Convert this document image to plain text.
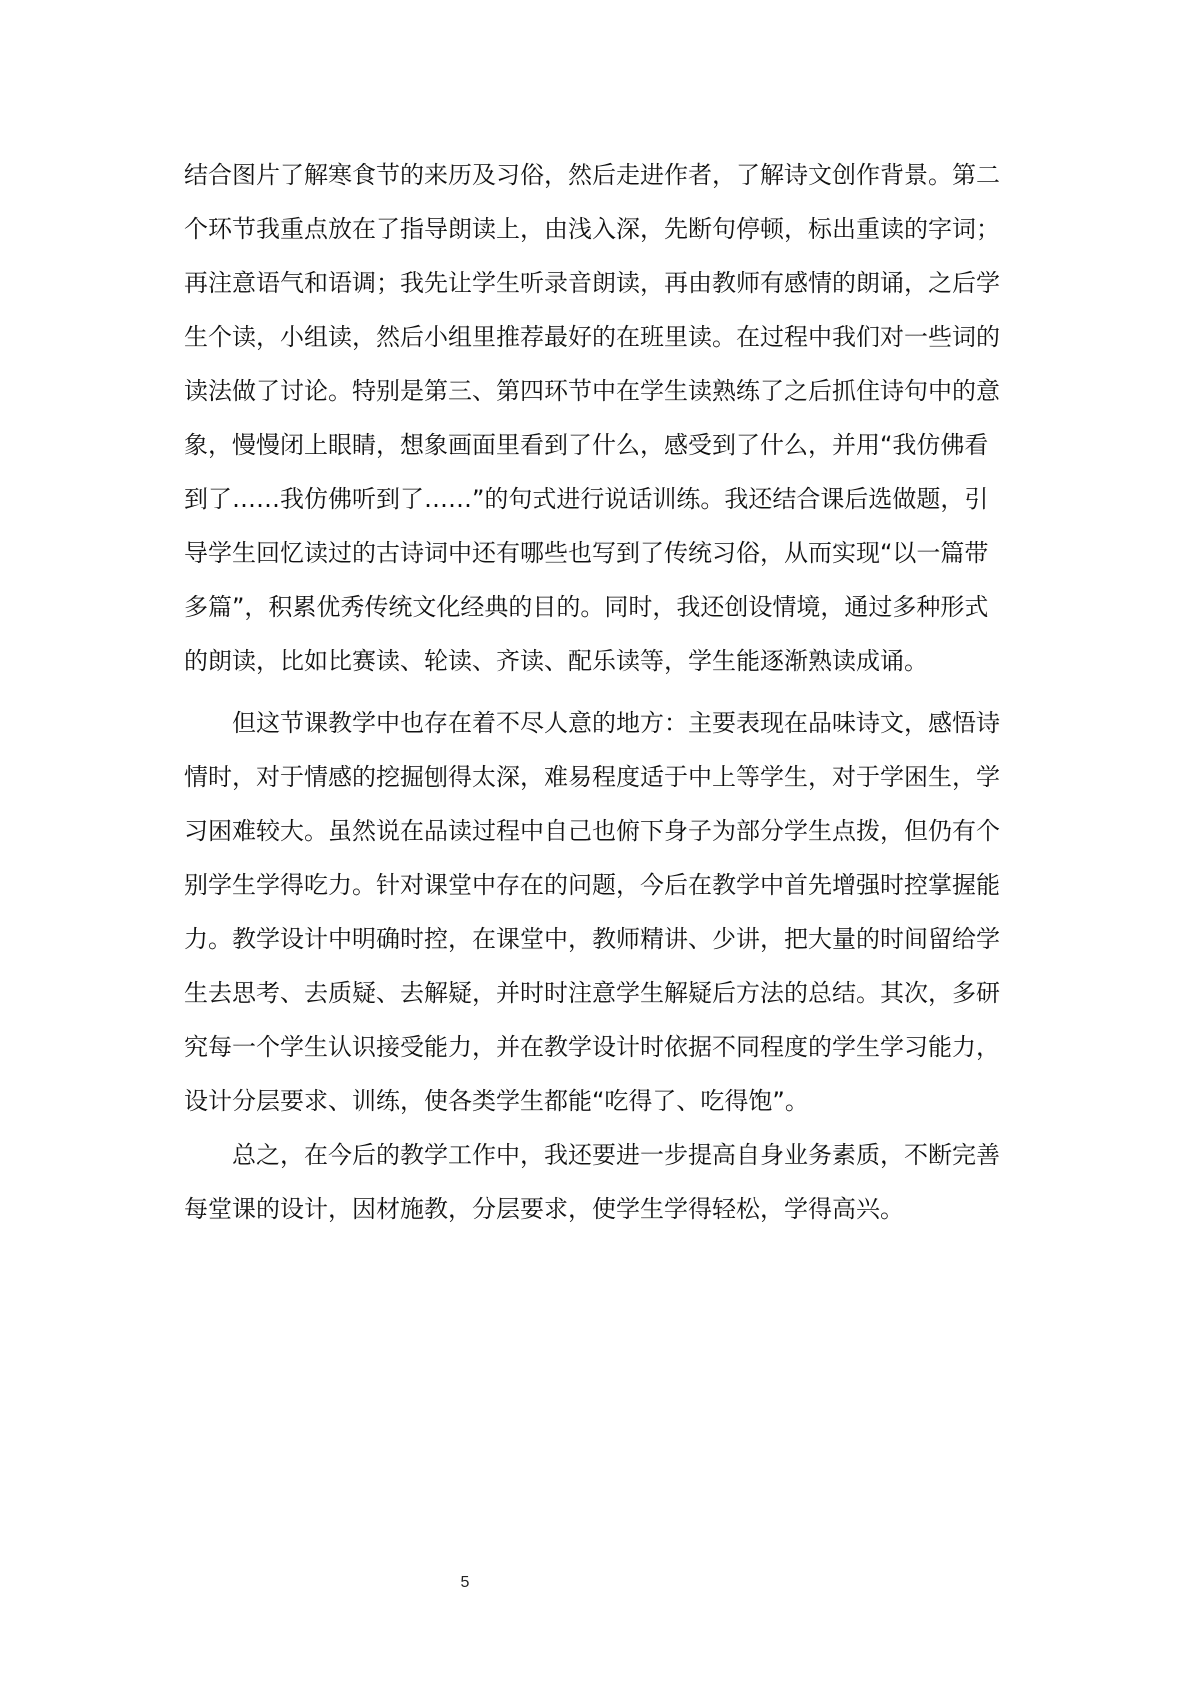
结合图片了解寒食节的来历及习俗，然后走进作者，了解诗文创作背景。第二
个环节我重点放在了指导朗读上，由浅入深，先断句停顿，标出重读的字词；
再注意语气和语调；我先让学生听录音朗读，再由教师有感情的朗诵，之后学
生个读，小组读，然后小组里推荐最好的在班里读。在过程中我们对一些词的
读法做了讨论。特别是第三、第四环节中在学生读熟练了之后抓住诗句中的意
象，慢慢闭上眼睛，想象画面里看到了什么，感受到了什么，并用“我仿佛看
到了……我仿佛听到了……”的句式进行说话训练。我还结合课后选做题，引
导学生回忆读过的古诗词中还有哪些也写到了传统习俗，从而实现“以一篇带
多篇”，积累优秀传统文化经典的目的。同时，我还创设情境，通过多种形式
的朗读，比如比赛读、轮读、齐读、配乐读等，学生能逐渐熟读成诵。
　　但这节课教学中也存在着不尽人意的地方：主要表现在品味诗文，感悟诗
情时，对于情感的挖掘刨得太深，难易程度适于中上等学生，对于学困生，学
习困难较大。虽然说在品读过程中自己也俯下身子为部分学生点拨，但仍有个
别学生学得吃力。针对课堂中存在的问题，今后在教学中首先增强时控掌握能
力。教学设计中明确时控，在课堂中，教师精讲、少讲，把大量的时间留给学
生去思考、去质疑、去解疑，并时时注意学生解疑后方法的总结。其次，多研
究每一个学生认识接受能力，并在教学设计时依据不同程度的学生学习能力，
设计分层要求、训练，使各类学生都能“吃得了、吃得饱”。
　　总之，在今后的教学工作中，我还要进一步提高自身业务素质，不断完善
每堂课的设计，因材施教，分层要求，使学生学得轻松，学得高兴。
5
